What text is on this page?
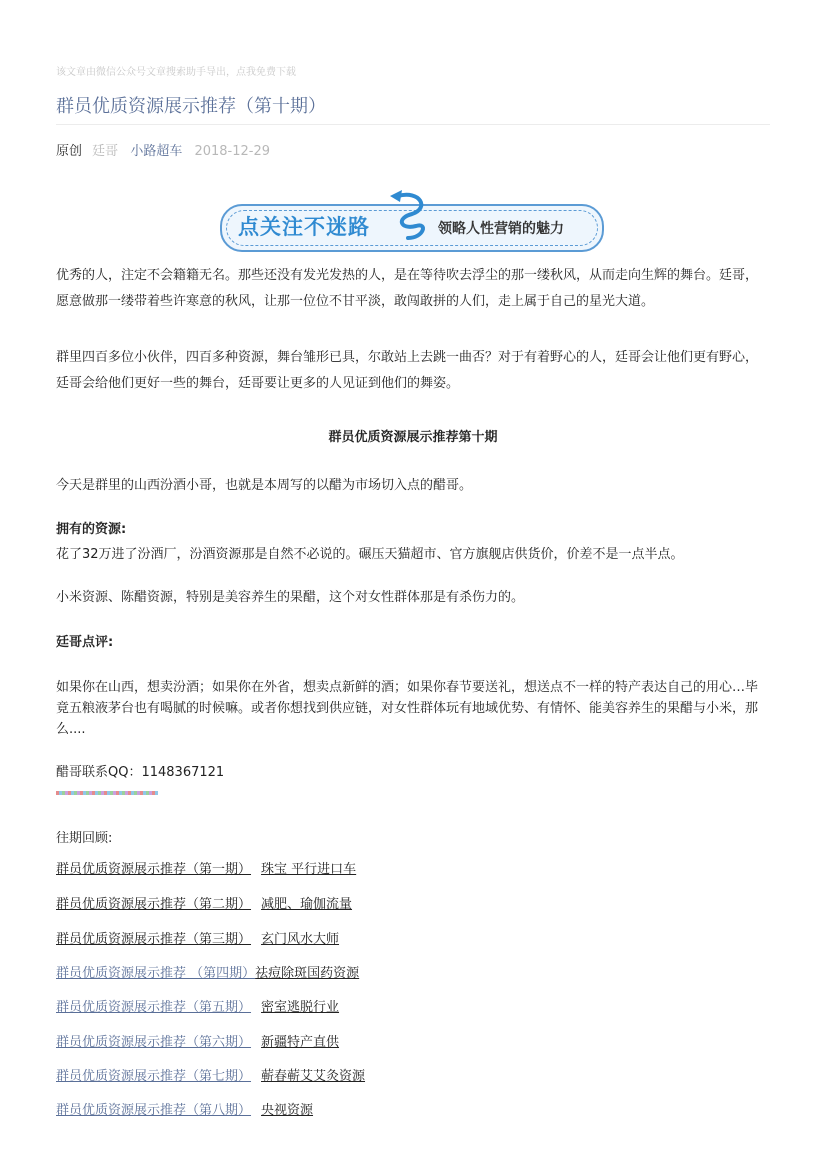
该文章由微信公众号文章搜索助手导出，点我免费下载
群员优质资源展示推荐（第十期）
原创 廷哥 小路超车 2018-12-29
点关注不迷路	领略人性营销的魅力

优秀的人，注定不会籍籍无名。那些还没有发光发热的人，是在等待吹去浮尘的那一缕秋风，从而走向生辉的舞台。廷哥，愿意做那一缕带着些许寒意的秋风，让那一位位不甘平淡，敢闯敢拼的人们，走上属于自己的星光大道。

群里四百多位小伙伴，四百多种资源，舞台雏形已具，尔敢站上去跳一曲否？对于有着野心的人，廷哥会让他们更有野心，廷哥会给他们更好一些的舞台，廷哥要让更多的人见证到他们的舞姿。

群员优质资源展示推荐第十期

今天是群里的山西汾酒小哥，也就是本周写的以醋为市场切入点的醋哥。

拥有的资源:

花了32万进了汾酒厂，汾酒资源那是自然不必说的。碾压天猫超市、官方旗舰店供货价，价差不是一点半点。

小米资源、陈醋资源，特别是美容养生的果醋，这个对女性群体那是有杀伤力的。

廷哥点评:

如果你在山西，想卖汾酒；如果你在外省，想卖点新鲜的酒；如果你春节要送礼，想送点不一样的特产表达自己的用心…毕竟五粮液茅台也有喝腻的时候嘛。或者你想找到供应链，对女性群体玩有地域优势、有情怀、能美容养生的果醋与小米，那么....

醋哥联系QQ：1148367121

往期回顾:

群员优质资源展示推荐（第一期） 珠宝 平行进口车
群员优质资源展示推荐（第二期） 减肥、瑜伽流量
群员优质资源展示推荐（第三期） 玄门风水大师
群员优质资源展示推荐 （第四期）祛痘除斑国药资源
群员优质资源展示推荐（第五期） 密室逃脱行业
群员优质资源展示推荐（第六期） 新疆特产直供
群员优质资源展示推荐（第七期） 蕲春蕲艾艾灸资源
群员优质资源展示推荐（第八期） 央视资源
